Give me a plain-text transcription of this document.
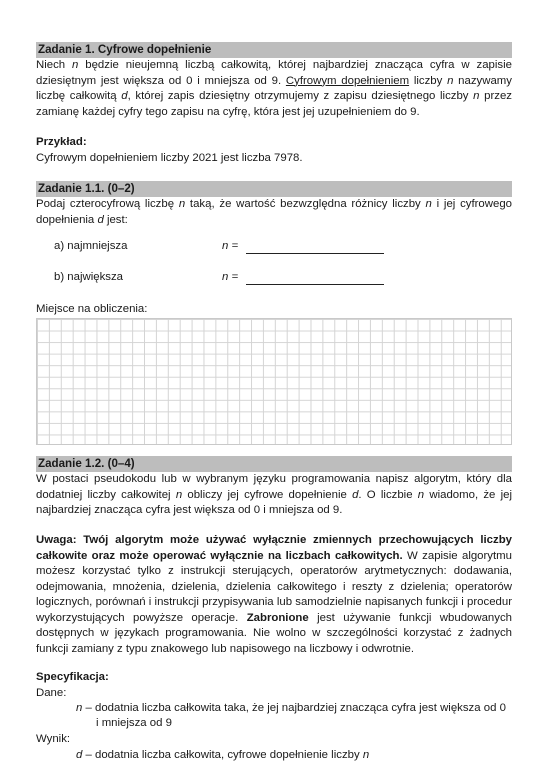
Zadanie 1. Cyfrowe dopełnienie

Niech n będzie nieujemną liczbą całkowitą, której najbardziej znacząca cyfra w zapisie dziesiętnym jest większa od 0 i mniejsza od 9. Cyfrowym dopełnieniem liczby n nazywamy liczbę całkowitą d, której zapis dziesiętny otrzymujemy z zapisu dziesiętnego liczby n przez zamianę każdej cyfry tego zapisu na cyfrę, która jest jej uzupełnieniem do 9.

Przykład:

Cyfrowym dopełnieniem liczby 2021 jest liczba 7978.

Zadanie 1.1. (0–2)

Podaj czterocyfrową liczbę n taką, że wartość bezwzględna różnicy liczby n i jej cyfrowego dopełnienia d jest:

a) najmniejsza	n =
b) największa	n =

Miejsce na obliczenia:

Zadanie 1.2. (0–4)

W postaci pseudokodu lub w wybranym języku programowania napisz algorytm, który dla dodatniej liczby całkowitej n obliczy jej cyfrowe dopełnienie d. O liczbie n wiadomo, że jej najbardziej znacząca cyfra jest większa od 0 i mniejsza od 9.

Uwaga: Twój algorytm może używać wyłącznie zmiennych przechowujących liczby całkowite oraz może operować wyłącznie na liczbach całkowitych. W zapisie algorytmu możesz korzystać tylko z instrukcji sterujących, operatorów arytmetycznych: dodawania, odejmowania, mnożenia, dzielenia, dzielenia całkowitego i reszty z dzielenia; operatorów logicznych, porównań i instrukcji przypisywania lub samodzielnie napisanych funkcji i procedur wykorzystujących powyższe operacje. Zabronione jest używanie funkcji wbudowanych dostępnych w językach programowania. Nie wolno w szczególności korzystać z żadnych funkcji zamiany z typu znakowego lub napisowego na liczbowy i odwrotnie.

Specyfikacja:

Dane:

n – dodatnia liczba całkowita taka, że jej najbardziej znacząca cyfra jest większa od 0
i mniejsza od 9
Wynik:
d – dodatnia liczba całkowita, cyfrowe dopełnienie liczby n
